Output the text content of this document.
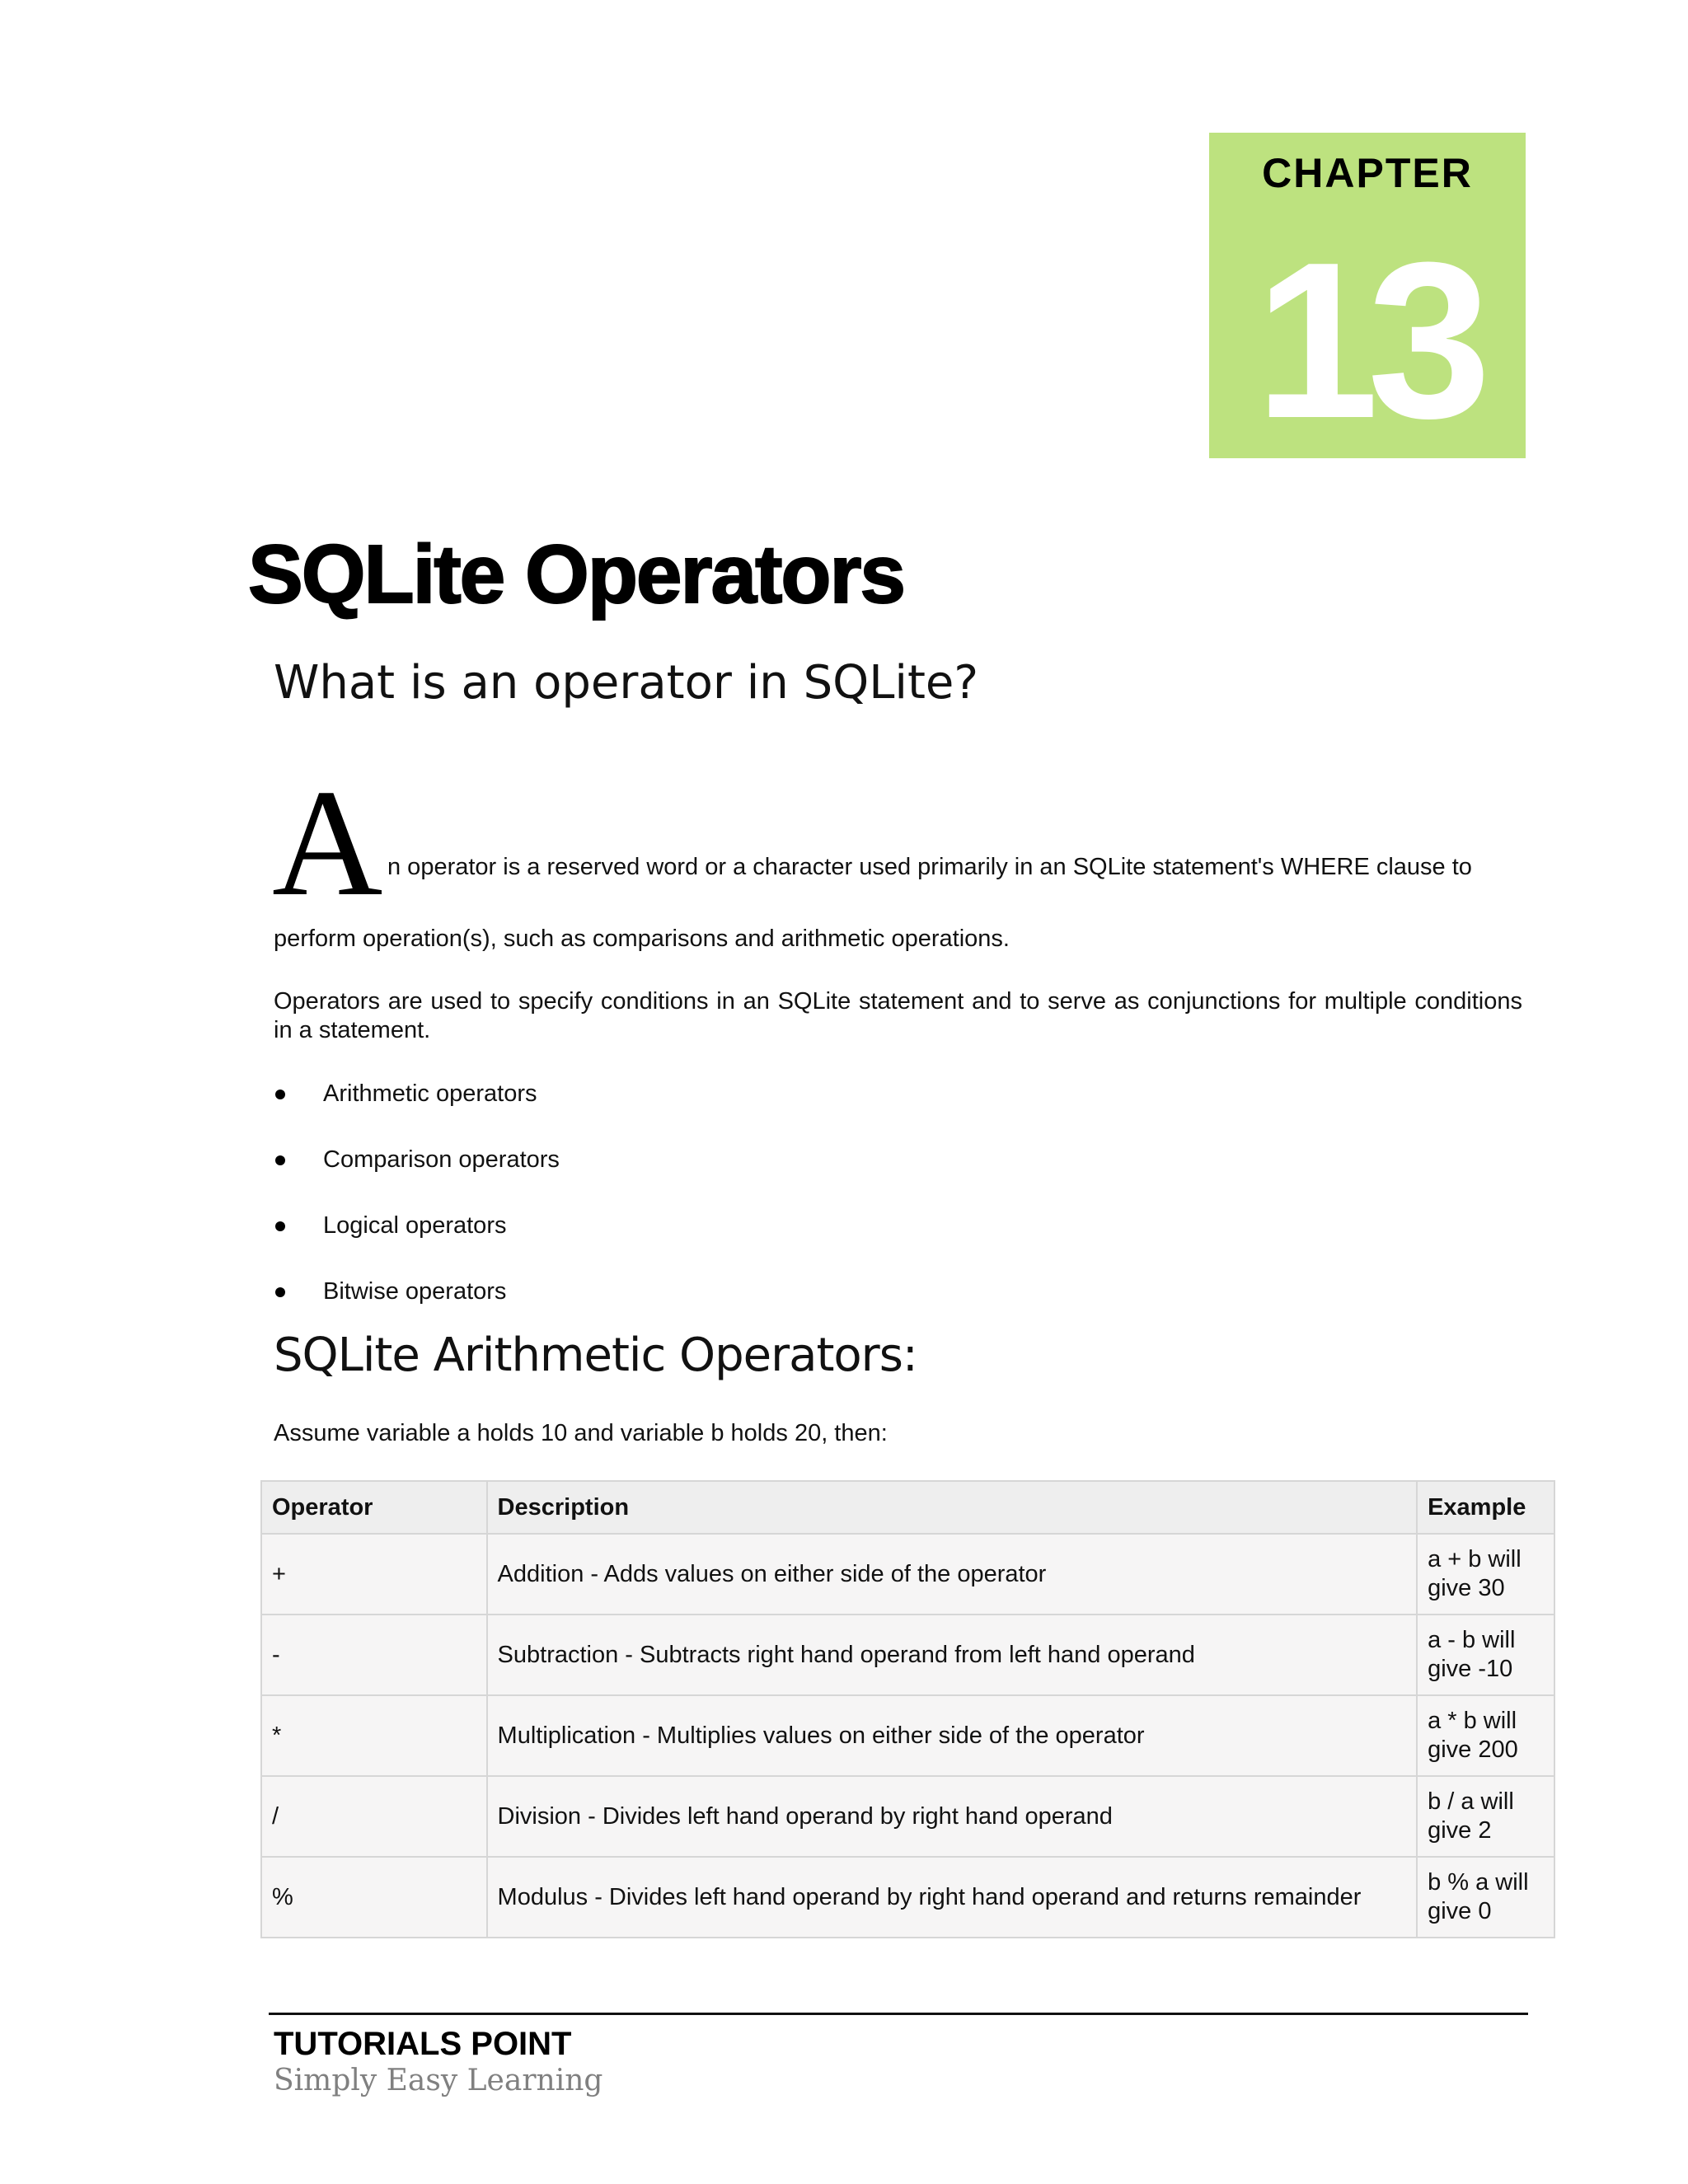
CHAPTER
13
SQLite Operators
What is an operator in SQLite?
A n operator is a reserved word or a character used primarily in an SQLite statement's WHERE clause to

perform operation(s), such as comparisons and arithmetic operations.

Operators are used to specify conditions in an SQLite statement and to serve as conjunctions for multiple conditions in a statement.

Arithmetic operators
Comparison operators
Logical operators
Bitwise operators
SQLite Arithmetic Operators:

Assume variable a holds 10 and variable b holds 20, then:

Operator	Description	Example
+	Addition - Adds values on either side of the operator	a + b will
give 30
-	Subtraction - Subtracts right hand operand from left hand operand	a - b will
give -10
*	Multiplication - Multiplies values on either side of the operator	a * b will
give 200
/	Division - Divides left hand operand by right hand operand	b / a will
give 2
%	Modulus - Divides left hand operand by right hand operand and returns remainder	b % a will
give 0
TUTORIALS POINT
Simply Easy Learning
